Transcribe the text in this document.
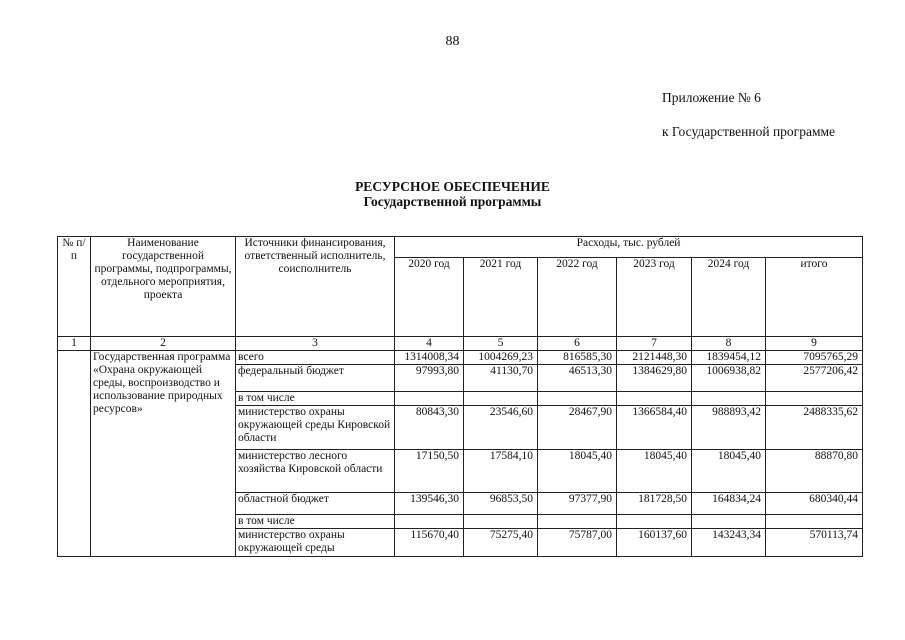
88
Приложение № 6
к Государственной программе
РЕСУРСНОЕ ОБЕСПЕЧЕНИЕ
Государственной программы
№ п/п	Наименование государственной программы, подпрограммы, отдельного мероприятия, проекта	Источники финансирования, ответственный исполнитель, соисполнитель	Расходы, тыс. рублей					
			2020 год	2021 год	2022 год	2023 год	2024 год	итого
1	2	3	4	5	6	7	8	9
	Государственная программа «Охрана окружающей среды, воспроизводство и использование природных ресурсов»	всего	1314008,34	1004269,23	816585,30	2121448,30	1839454,12	7095765,29
		федеральный бюджет	97993,80	41130,70	46513,30	1384629,80	1006938,82	2577206,42
		в том числе						
		министерство охраны окружающей среды Кировской области	80843,30	23546,60	28467,90	1366584,40	988893,42	2488335,62
		министерство лесного хозяйства Кировской области	17150,50	17584,10	18045,40	18045,40	18045,40	88870,80
		областной бюджет	139546,30	96853,50	97377,90	181728,50	164834,24	680340,44
		в том числе						
		министерство охраны окружающей среды	115670,40	75275,40	75787,00	160137,60	143243,34	570113,74
